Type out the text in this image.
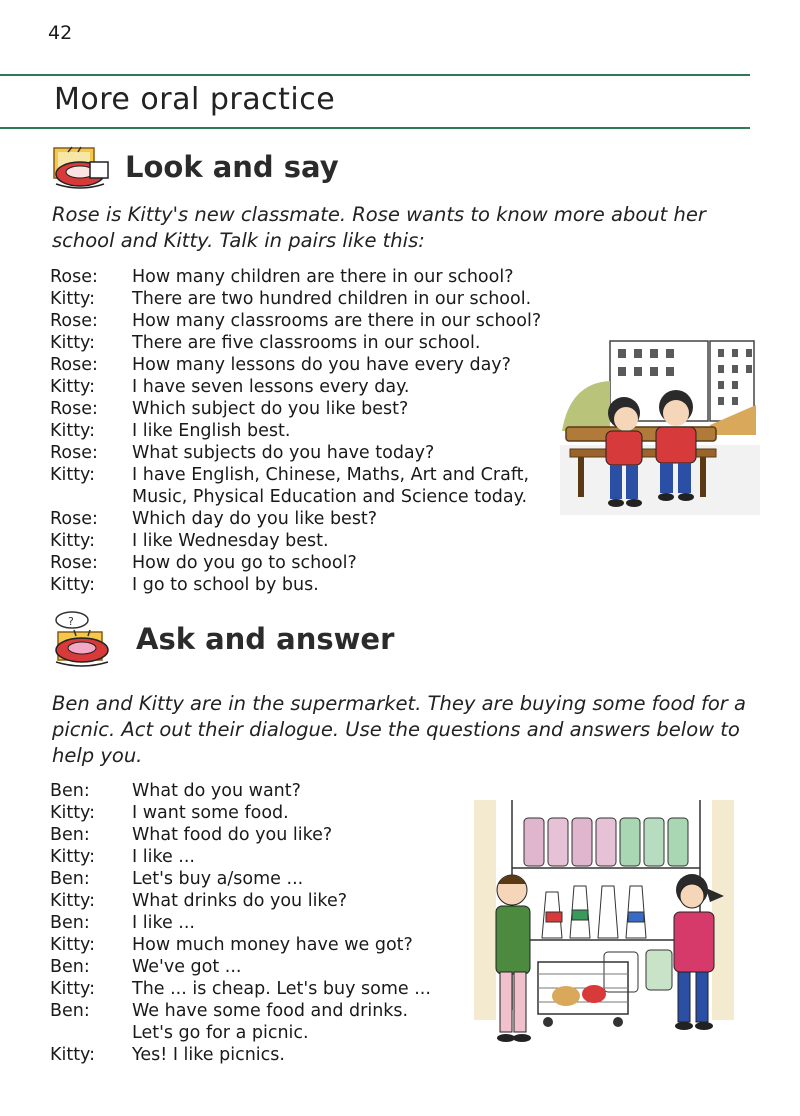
42
More oral practice
Look and say
Rose is Kitty's new classmate. Rose wants to know more about her school and Kitty. Talk in pairs like this:
Rose:	How many children are there in our school?
Kitty:	There are two hundred children in our school.
Rose:	How many classrooms are there in our school?
Kitty:	There are five classrooms in our school.
Rose:	How many lessons do you have every day?
Kitty:	I have seven lessons every day.
Rose:	Which subject do you like best?
Kitty:	I like English best.
Rose:	What subjects do you have today?
Kitty:	I have English, Chinese, Maths, Art and Craft,
Music, Physical Education and Science today.
Rose:	Which day do you like best?
Kitty:	I like Wednesday best.
Rose:	How do you go to school?
Kitty:	I go to school by bus.
?
Ask and answer
Ben and Kitty are in the supermarket. They are buying some food for a picnic. Act out their dialogue. Use the questions and answers below to help you.
Ben:	What do you want?
Kitty:	I want some food.
Ben:	What food do you like?
Kitty:	I like ...
Ben:	Let's buy a/some ...
Kitty:	What drinks do you like?
Ben:	I like ...
Kitty:	How much money have we got?
Ben:	We've got ...
Kitty:	The ... is cheap. Let's buy some ...
Ben:	We have some food and drinks.
Let's go for a picnic.
Kitty:	Yes! I like picnics.
